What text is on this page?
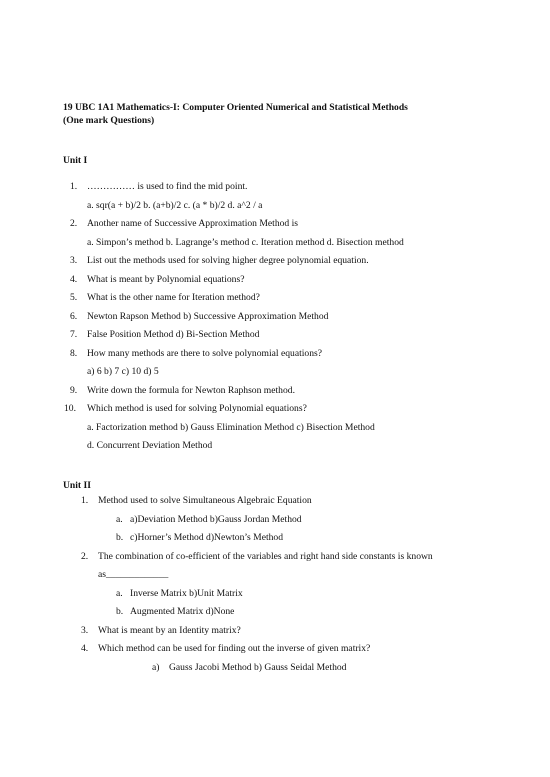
19 UBC 1A1 Mathematics-I: Computer Oriented Numerical and Statistical Methods
(One mark Questions)
Unit I
1. …………… is used to find the mid point.
a. sqr(a + b)/2 b. (a+b)/2 c. (a * b)/2 d. a^2 / a
2. Another name of Successive Approximation Method is
a. Simpon’s method b. Lagrange’s method c. Iteration method d. Bisection method
3. List out the methods used for solving higher degree polynomial equation.
4. What is meant by Polynomial equations?
5. What is the other name for Iteration method?
6. Newton Rapson Method b) Successive Approximation Method
7. False Position Method d) Bi-Section Method
8. How many methods are there to solve polynomial equations?
a) 6 b) 7 c) 10 d) 5
9. Write down the formula for Newton Raphson method.
10. Which method is used for solving Polynomial equations?
a. Factorization method b) Gauss Elimination Method c) Bisection Method
d. Concurrent Deviation Method
Unit II
1. Method used to solve Simultaneous Algebraic Equation
a. a)Deviation Method b)Gauss Jordan Method
b. c)Horner’s Method d)Newton’s Method
2. The combination of co-efficient of the variables and right hand side constants is known
as_____________
a. Inverse Matrix b)Unit Matrix
b. Augmented Matrix d)None
3. What is meant by an Identity matrix?
4. Which method can be used for finding out the inverse of given matrix?
a) Gauss Jacobi Method b) Gauss Seidal Method
